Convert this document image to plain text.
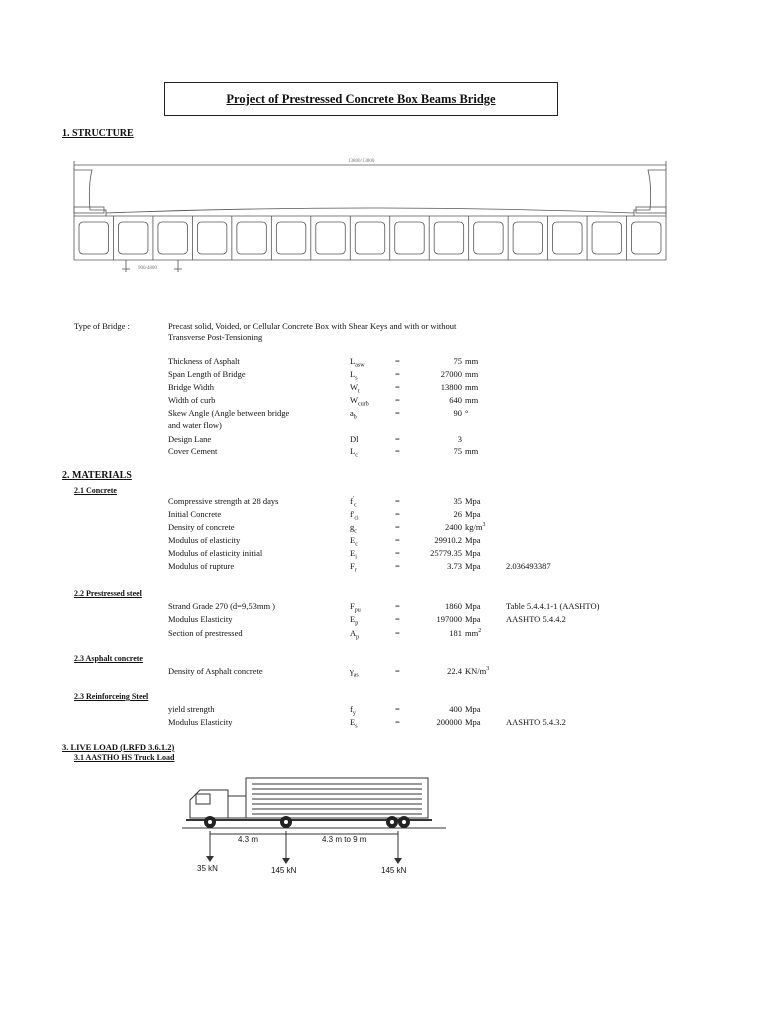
Project of Prestressed Concrete Box Beams Bridge
1. STRUCTURE
13800/13800
900/4800
Type of Bridge :	Precast solid, Voided, or Cellular Concrete Box with Shear Keys and with or without
Transverse Post-Tensioning
Thickness of Asphalt	$L_{asw}$	=	75 mm
Span Length of Bridge	$L_s$	=	27000 mm
Bridge Width	$W_t$	=	13800 mm
Width of curb	$W_{curb}$	=	640 mm
Skew Angle (Angle between bridge	$a_b$	=	90 °
and water flow)
Design Lane	Dl	=	3
Cover Cement	$L_c$	=	75 mm
2. MATERIALS
2.1 Concrete
Compressive strength at 28 days	$f'_c$	=	35 Mpa
Initial Concrete	$f'_{ci}$	=	26 Mpa
Density of concrete	$g_c$	=	2400 $kg/m^3$
Modulus of elasticity	$E_c$	=	29910.2 Mpa
Modulus of elasticity initial	$E_i$	=	25779.35 Mpa
Modulus of rupture	$F_r$	=	3.73 Mpa	2.036493387
2.2 Prestressed steel
Strand Grade 270 (d=9,53mm )	$F_{pu}$	=	1860 Mpa	Table 5.4.4.1-1 (AASHTO)
Modulus Elasticity	$E_p$	=	197000 Mpa	AASHTO 5.4.4.2
Section of prestressed	$A_p$	=	181 $mm^2$
2.3 Asphalt concrete
Density of Asphalt concrete	$\gamma_{as}$	=	22.4 $KN/m^3$
2.3 Reinforceing Steel
yield strength	$f_y$	=	400 Mpa
Modulus Elasticity	$E_s$	=	200000 Mpa	AASHTO 5.4.3.2
3. LIVE LOAD (LRFD 3.6.1.2)
3.1 AASTHO HS Truck Load
4.3 m	4.3 m to 9 m
35 kN	145 kN	145 kN
